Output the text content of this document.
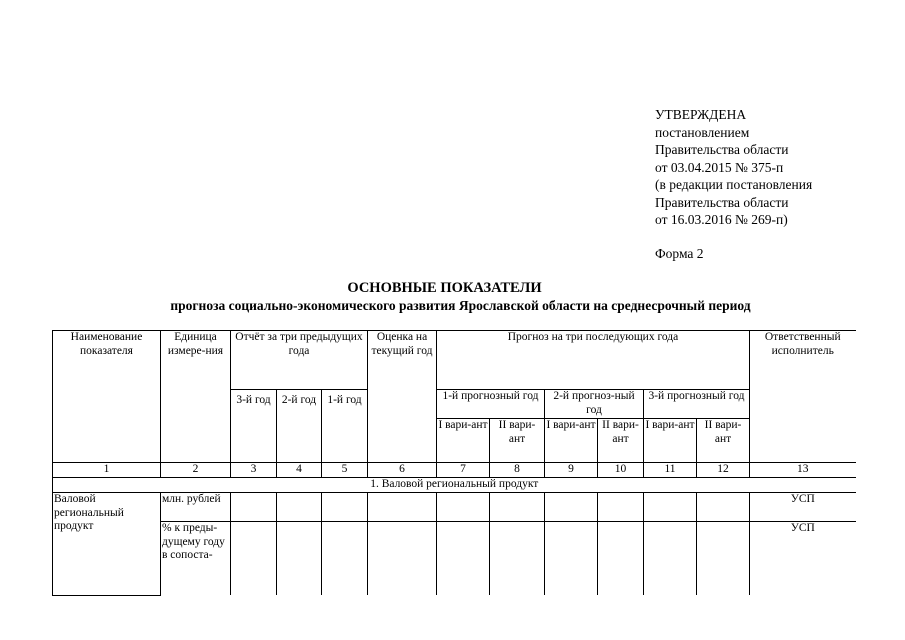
УТВЕРЖДЕНА
постановлением
Правительства области
от 03.04.2015 № 375-п
(в редакции постановления
Правительства области
от 16.03.2016 № 269-п)
Форма 2
ОСНОВНЫЕ ПОКАЗАТЕЛИ
прогноза социально-экономического развития Ярославской области на среднесрочный период
Наименование показателя	Единица измере-ния	Отчёт за три предыдущих года			Оценка на текущий год	Прогноз на три последующих года						Ответственный исполнитель
		3-й год	2-й год	1-й год		1-й прогнозный год		2-й прогноз-ный год		3-й прогнозный год		
						I вари-ант	II вари-ант	I вари-ант	II вари-ант	I вари-ант	II вари-ант	
1	2	3	4	5	6	7	8	9	10	11	12	13
1. Валовой региональный продукт												
Валовой региональный продукт	млн. рублей											УСП
	% к преды-дущему году в сопоста-											УСП
